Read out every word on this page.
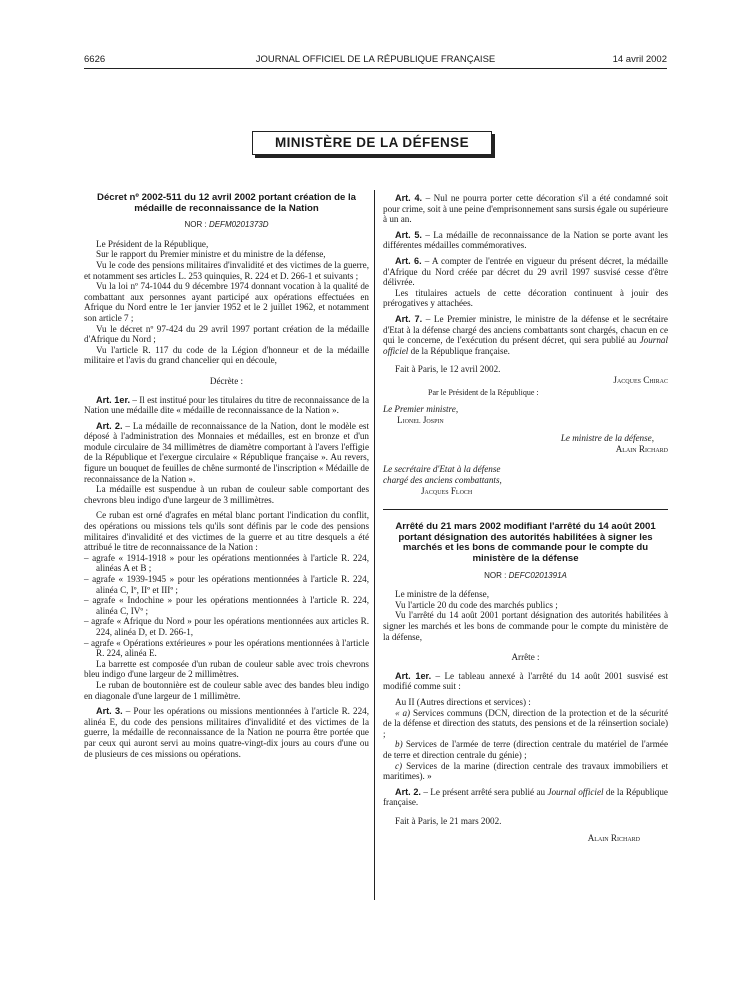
6626	JOURNAL OFFICIEL DE LA RÉPUBLIQUE FRANÇAISE	14 avril 2002
MINISTÈRE DE LA DÉFENSE

Décret nº 2002-511 du 12 avril 2002 portant création de la médaille de reconnaissance de la Nation

NOR : DEFM0201373D

Le Président de la République,

Sur le rapport du Premier ministre et du ministre de la défense,

Vu le code des pensions militaires d'invalidité et des victimes de la guerre, et notamment ses articles L. 253 quinquies, R. 224 et D. 266-1 et suivants ;

Vu la loi nº 74-1044 du 9 décembre 1974 donnant vocation à la qualité de combattant aux personnes ayant participé aux opérations effectuées en Afrique du Nord entre le 1er janvier 1952 et le 2 juillet 1962, et notamment son article 7 ;

Vu le décret nº 97-424 du 29 avril 1997 portant création de la médaille d'Afrique du Nord ;

Vu l'article R. 117 du code de la Légion d'honneur et de la médaille militaire et l'avis du grand chancelier qui en découle,

Décrète :

Art. 1er. – Il est institué pour les titulaires du titre de reconnaissance de la Nation une médaille dite « médaille de reconnaissance de la Nation ».

Art. 2. – La médaille de reconnaissance de la Nation, dont le modèle est déposé à l'administration des Monnaies et médailles, est en bronze et d'un module circulaire de 34 millimètres de diamètre comportant à l'avers l'effigie de la République et l'exergue circulaire « République française ». Au revers, figure un bouquet de feuilles de chêne surmonté de l'inscription « Médaille de reconnaissance de la Nation ».

La médaille est suspendue à un ruban de couleur sable comportant des chevrons bleu indigo d'une largeur de 3 millimètres.

Ce ruban est orné d'agrafes en métal blanc portant l'indication du conflit, des opérations ou missions tels qu'ils sont définis par le code des pensions militaires d'invalidité et des victimes de la guerre et au titre desquels a été attribué le titre de reconnaissance de la Nation :

– agrafe « 1914-1918 » pour les opérations mentionnées à l'article R. 224, alinéas A et B ;
– agrafe « 1939-1945 » pour les opérations mentionnées à l'article R. 224, alinéa C, Iº, IIº et IIIº ;
– agrafe « Indochine » pour les opérations mentionnées à l'article R. 224, alinéa C, IVº ;
– agrafe « Afrique du Nord » pour les opérations mentionnées aux articles R. 224, alinéa D, et D. 266-1,
– agrafe « Opérations extérieures » pour les opérations mentionnées à l'article R. 224, alinéa E.

La barrette est composée d'un ruban de couleur sable avec trois chevrons bleu indigo d'une largeur de 2 millimètres.

Le ruban de boutonnière est de couleur sable avec des bandes bleu indigo en diagonale d'une largeur de 1 millimètre.

Art. 3. – Pour les opérations ou missions mentionnées à l'article R. 224, alinéa E, du code des pensions militaires d'invalidité et des victimes de la guerre, la médaille de reconnaissance de la Nation ne pourra être portée que par ceux qui auront servi au moins quatre-vingt-dix jours au cours d'une ou de plusieurs de ces missions ou opérations.

Art. 4. – Nul ne pourra porter cette décoration s'il a été condamné soit pour crime, soit à une peine d'emprisonnement sans sursis égale ou supérieure à un an.

Art. 5. – La médaille de reconnaissance de la Nation se porte avant les différentes médailles commémoratives.

Art. 6. – A compter de l'entrée en vigueur du présent décret, la médaille d'Afrique du Nord créée par décret du 29 avril 1997 susvisé cesse d'être délivrée.

Les titulaires actuels de cette décoration continuent à jouir des prérogatives y attachées.

Art. 7. – Le Premier ministre, le ministre de la défense et le secrétaire d'Etat à la défense chargé des anciens combattants sont chargés, chacun en ce qui le concerne, de l'exécution du présent décret, qui sera publié au Journal officiel de la République française.

Fait à Paris, le 12 avril 2002.

Jacques Chirac

Par le Président de la République :

Le Premier ministre,

Lionel Jospin

Le ministre de la défense,

Alain Richard

Le secrétaire d'Etat à la défense

chargé des anciens combattants,

Jacques Floch

Arrêté du 21 mars 2002 modifiant l'arrêté du 14 août 2001 portant désignation des autorités habilitées à signer les marchés et les bons de commande pour le compte du ministère de la défense

NOR : DEFC0201391A

Le ministre de la défense,

Vu l'article 20 du code des marchés publics ;

Vu l'arrêté du 14 août 2001 portant désignation des autorités habilitées à signer les marchés et les bons de commande pour le compte du ministère de la défense,

Arrête :

Art. 1er. – Le tableau annexé à l'arrêté du 14 août 2001 susvisé est modifié comme suit :

Au II (Autres directions et services) :

« a) Services communs (DCN, direction de la protection et de la sécurité de la défense et direction des statuts, des pensions et de la réinsertion sociale) ;

b) Services de l'armée de terre (direction centrale du matériel de l'armée de terre et direction centrale du génie) ;

c) Services de la marine (direction centrale des travaux immobiliers et maritimes). »

Art. 2. – Le présent arrêté sera publié au Journal officiel de la République française.

Fait à Paris, le 21 mars 2002.

Alain Richard
